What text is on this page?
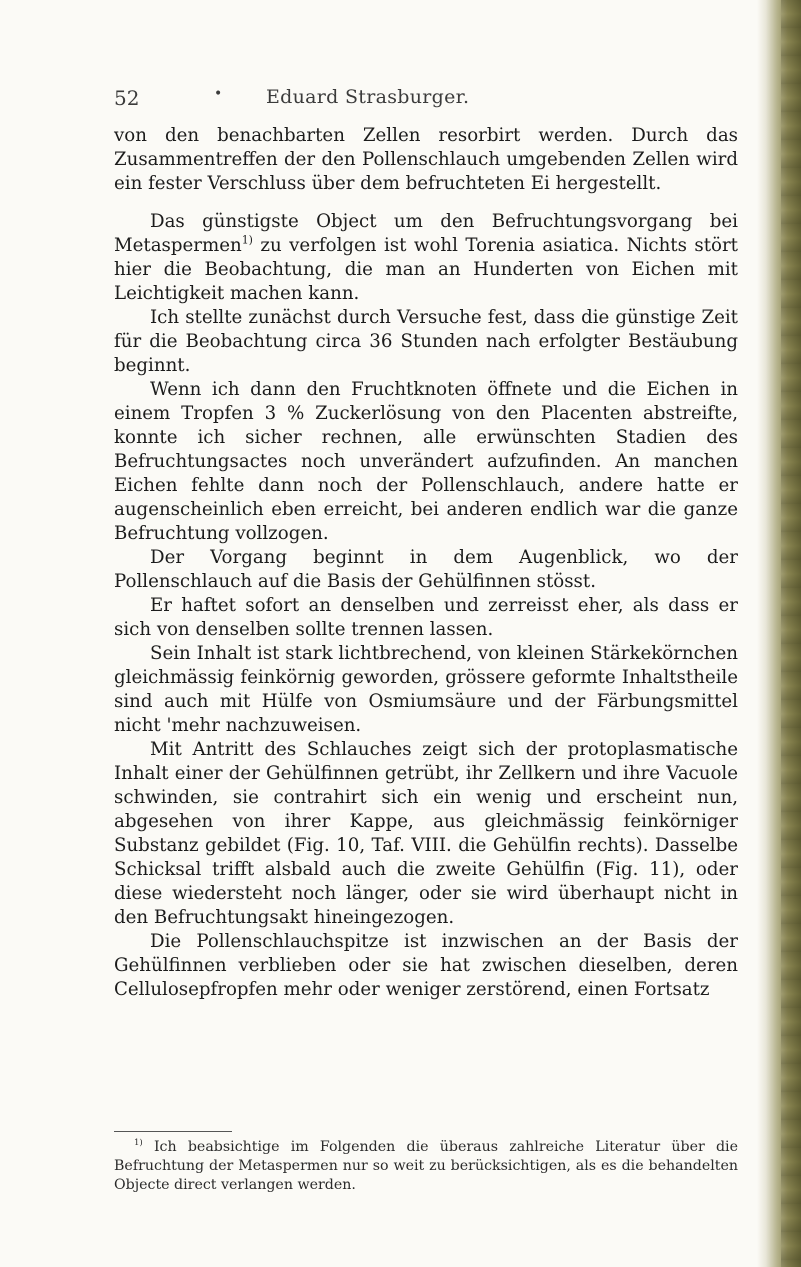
52	• Eduard Strasburger.

von den benachbarten Zellen resorbirt werden. Durch das Zusammentreffen der den Pollenschlauch umgebenden Zellen wird ein fester Verschluss über dem befruchteten Ei hergestellt.

Das günstigste Object um den Befruchtungsvorgang bei Metaspermen$^{1)}$ zu verfolgen ist wohl Torenia asiatica. Nichts stört hier die Beobachtung, die man an Hunderten von Eichen mit Leichtigkeit machen kann.

Ich stellte zunächst durch Versuche fest, dass die günstige Zeit für die Beobachtung circa 36 Stunden nach erfolgter Bestäubung beginnt.

Wenn ich dann den Fruchtknoten öffnete und die Eichen in einem Tropfen 3 % Zuckerlösung von den Placenten abstreifte, konnte ich sicher rechnen, alle erwünschten Stadien des Befruchtungsactes noch unverändert aufzufinden. An manchen Eichen fehlte dann noch der Pollenschlauch, andere hatte er augenscheinlich eben erreicht, bei anderen endlich war die ganze Befruchtung vollzogen.

Der Vorgang beginnt in dem Augenblick, wo der Pollenschlauch auf die Basis der Gehülfinnen stösst.

Er haftet sofort an denselben und zerreisst eher, als dass er sich von denselben sollte trennen lassen.

Sein Inhalt ist stark lichtbrechend, von kleinen Stärkekörnchen gleichmässig feinkörnig geworden, grössere geformte Inhaltstheile sind auch mit Hülfe von Osmiumsäure und der Färbungsmittel nicht 'mehr nachzuweisen.

Mit Antritt des Schlauches zeigt sich der protoplasmatische Inhalt einer der Gehülfinnen getrübt, ihr Zellkern und ihre Vacuole schwinden, sie contrahirt sich ein wenig und erscheint nun, abgesehen von ihrer Kappe, aus gleichmässig feinkörniger Substanz gebildet (Fig. 10, Taf. VIII. die Gehülfin rechts). Dasselbe Schicksal trifft alsbald auch die zweite Gehülfin (Fig. 11), oder diese wiedersteht noch länger, oder sie wird überhaupt nicht in den Befruchtungsakt hineingezogen.

Die Pollenschlauchspitze ist inzwischen an der Basis der Gehülfinnen verblieben oder sie hat zwischen dieselben, deren Cellulosepfropfen mehr oder weniger zerstörend, einen Fortsatz

$^{1)}$ Ich beabsichtige im Folgenden die überaus zahlreiche Literatur über die Befruchtung der Metaspermen nur so weit zu berücksichtigen, als es die behandelten Objecte direct verlangen werden.
